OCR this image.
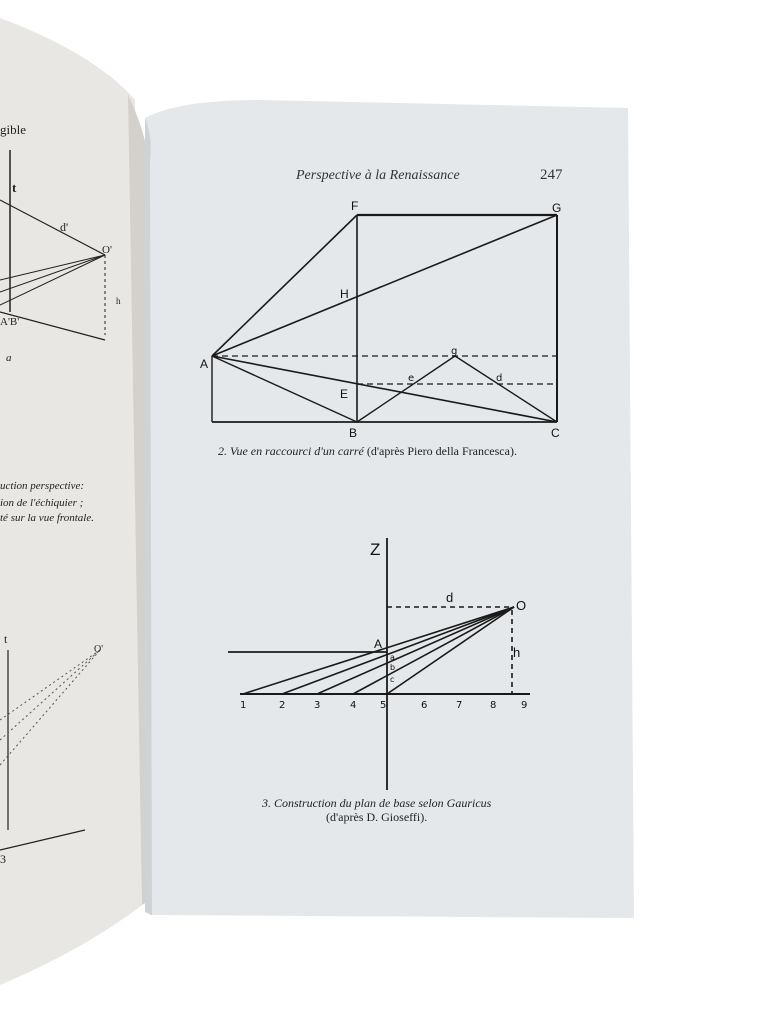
gible
t
d'
O'
A'B'
h
a
uction perspective:
ion de l'échiquier ;
té sur la vue frontale.
t
O'
3
Perspective à la Renaissance	247
F	G
H
A
E
B	C
g
e	d
2. Vue en raccourci d'un carré (d'après Piero della Francesca).
Z
d
O
A
h
a
b
c
1	2	3	4 5	6	7	8 9
3. Construction du plan de base selon Gauricus
(d'après D. Gioseffi).
